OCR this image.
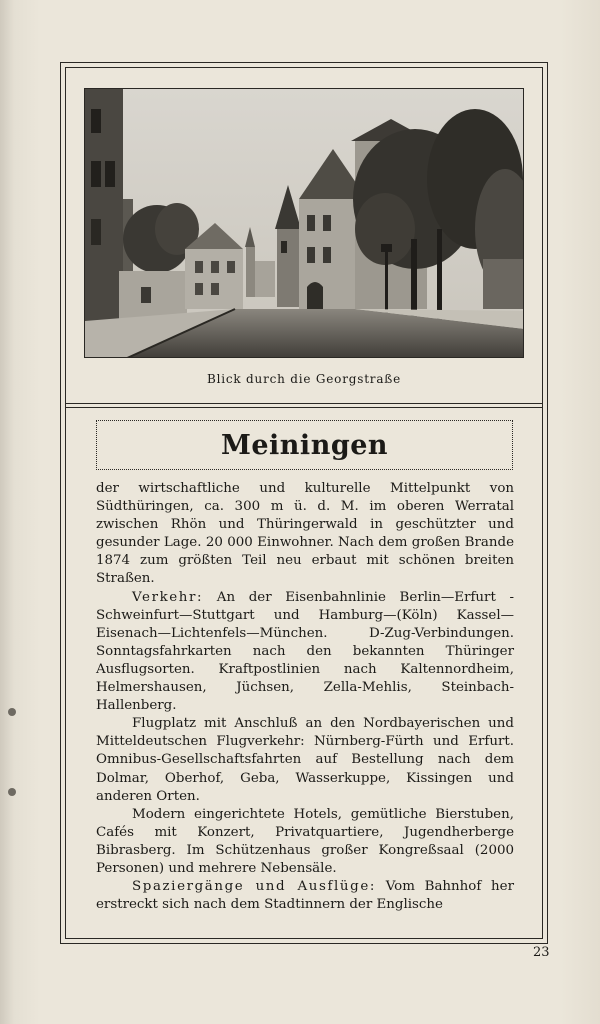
Blick durch die Georgstraße
Meiningen

der wirtschaftliche und kulturelle Mittelpunkt von Südthüringen, ca. 300 m ü. d. M. im oberen Werratal zwischen Rhön und Thüringerwald in geschützter und gesunder Lage. 20 000 Einwohner. Nach dem großen Brande 1874 zum größten Teil neu erbaut mit schönen breiten Straßen.

Verkehr: An der Eisenbahnlinie Berlin—Erfurt - Schweinfurt—Stuttgart und Hamburg—(Köln) Kassel—Eisenach—Lichtenfels—München. D-Zug-Verbindungen. Sonntagsfahrkarten nach den bekannten Thüringer Ausflugsorten. Kraftpostlinien nach Kaltennordheim, Helmershausen, Jüchsen, Zella-Mehlis, Steinbach-Hallenberg.

Flugplatz mit Anschluß an den Nordbayerischen und Mitteldeutschen Flugverkehr: Nürnberg-Fürth und Erfurt. Omnibus-Gesellschaftsfahrten auf Bestellung nach dem Dolmar, Oberhof, Geba, Wasserkuppe, Kissingen und anderen Orten.

Modern eingerichtete Hotels, gemütliche Bierstuben, Cafés mit Konzert, Privatquartiere, Jugendherberge Bibrasberg. Im Schützenhaus großer Kongreßsaal (2000 Personen) und mehrere Nebensäle.

Spaziergänge und Ausflüge: Vom Bahnhof her erstreckt sich nach dem Stadtinnern der Englische

23
